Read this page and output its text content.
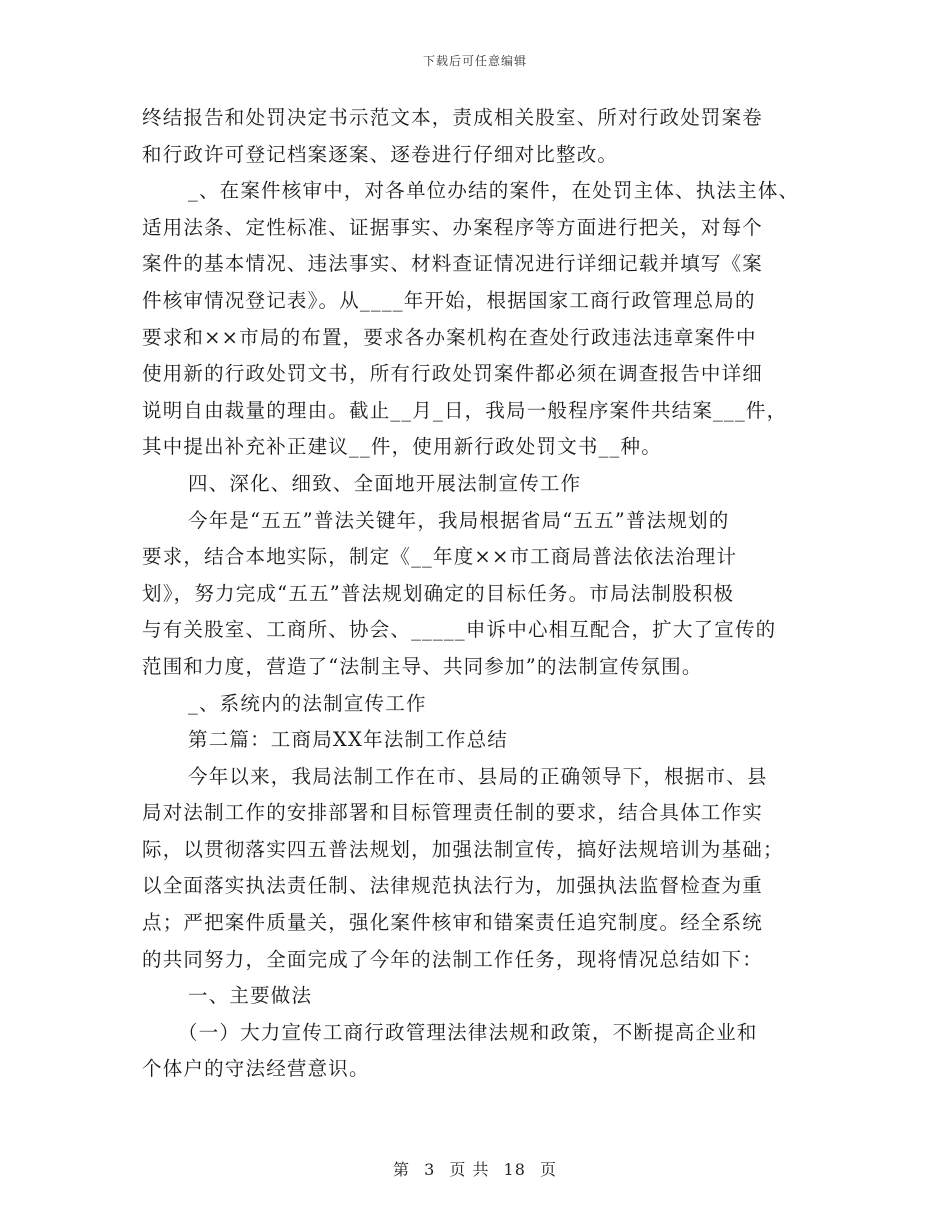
下载后可任意编辑
终结报告和处罚决定书示范文本，责成相关股室、所对行政处罚案卷
和行政许可登记档案逐案、逐卷进行仔细对比整改。
_、在案件核审中，对各单位办结的案件，在处罚主体、执法主体、
适用法条、定性标准、证据事实、办案程序等方面进行把关，对每个
案件的基本情况、违法事实、材料查证情况进行详细记载并填写《案
件核审情况登记表》。从____年开始，根据国家工商行政管理总局的
要求和××市局的布置，要求各办案机构在查处行政违法违章案件中
使用新的行政处罚文书，所有行政处罚案件都必须在调查报告中详细
说明自由裁量的理由。截止__月_日，我局一般程序案件共结案___件，
其中提出补充补正建议__件，使用新行政处罚文书__种。
四、深化、细致、全面地开展法制宣传工作
今年是“五五”普法关键年，我局根据省局“五五”普法规划的
要求，结合本地实际，制定《__年度××市工商局普法依法治理计
划》，努力完成“五五”普法规划确定的目标任务。市局法制股积极
与有关股室、工商所、协会、_____申诉中心相互配合，扩大了宣传的
范围和力度，营造了“法制主导、共同参加”的法制宣传氛围。
_、系统内的法制宣传工作
第二篇：工商局XX年法制工作总结
今年以来，我局法制工作在市、县局的正确领导下，根据市、县
局对法制工作的安排部署和目标管理责任制的要求，结合具体工作实
际，以贯彻落实四五普法规划，加强法制宣传，搞好法规培训为基础；
以全面落实执法责任制、法律规范执法行为，加强执法监督检查为重
点；严把案件质量关，强化案件核审和错案责任追究制度。经全系统
的共同努力，全面完成了今年的法制工作任务，现将情况总结如下：
一、主要做法
（一）大力宣传工商行政管理法律法规和政策，不断提高企业和
个体户的守法经营意识。
第 3 页 共 18 页
